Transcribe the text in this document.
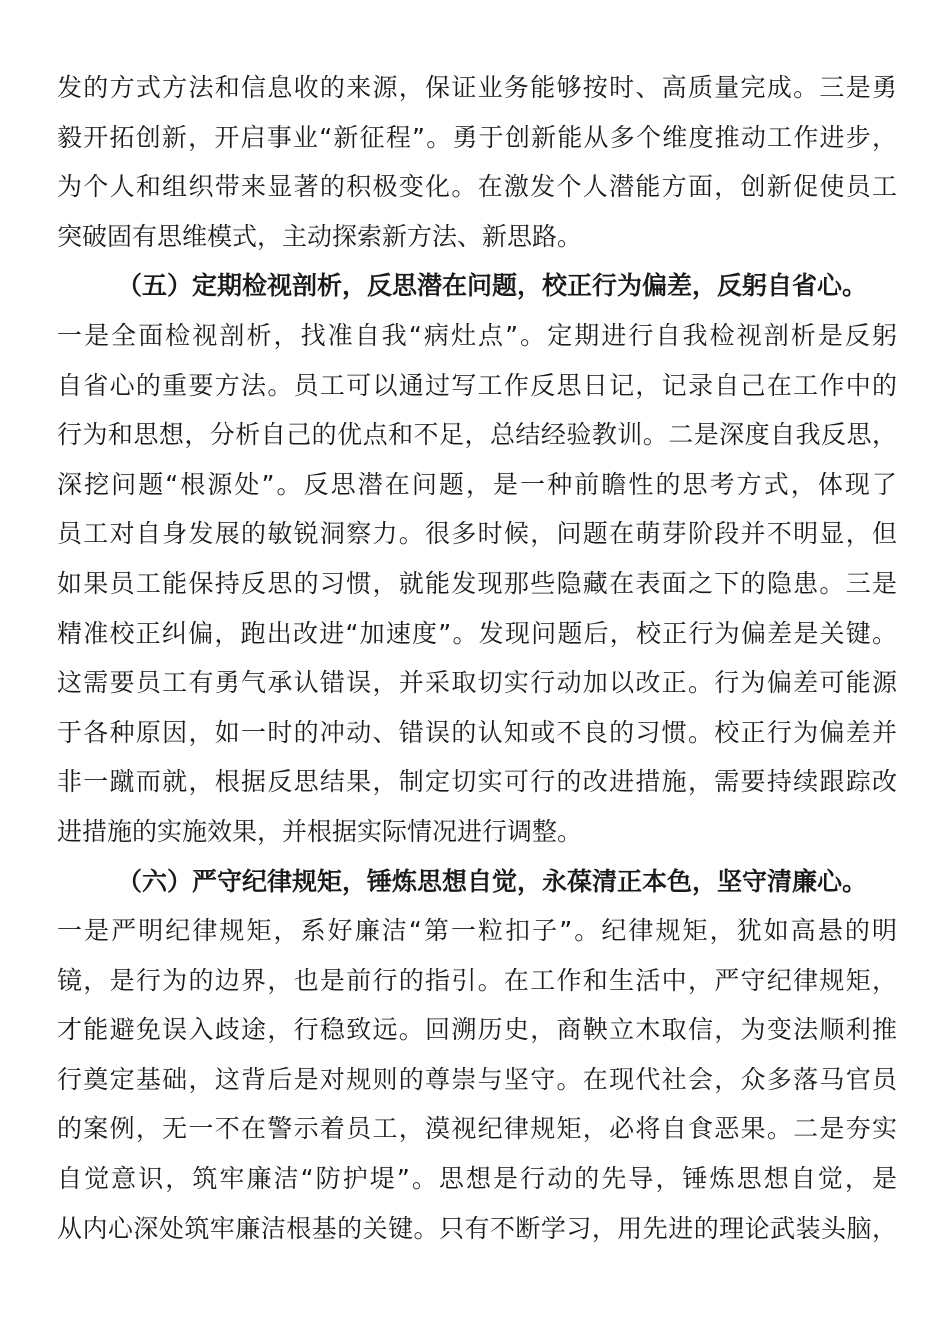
发的方式方法和信息收的来源，保证业务能够按时、高质量完成。三是勇
毅开拓创新，开启事业“新征程”。勇于创新能从多个维度推动工作进步，
为个人和组织带来显著的积极变化。在激发个人潜能方面，创新促使员工
突破固有思维模式，主动探索新方法、新思路。
（五）定期检视剖析，反思潜在问题，校正行为偏差，反躬自省心。
一是全面检视剖析，找准自我“病灶点”。定期进行自我检视剖析是反躬
自省心的重要方法。员工可以通过写工作反思日记，记录自己在工作中的
行为和思想，分析自己的优点和不足，总结经验教训。二是深度自我反思，
深挖问题“根源处”。反思潜在问题，是一种前瞻性的思考方式，体现了
员工对自身发展的敏锐洞察力。很多时候，问题在萌芽阶段并不明显，但
如果员工能保持反思的习惯，就能发现那些隐藏在表面之下的隐患。三是
精准校正纠偏，跑出改进“加速度”。发现问题后，校正行为偏差是关键。
这需要员工有勇气承认错误，并采取切实行动加以改正。行为偏差可能源
于各种原因，如一时的冲动、错误的认知或不良的习惯。校正行为偏差并
非一蹴而就，根据反思结果，制定切实可行的改进措施，需要持续跟踪改
进措施的实施效果，并根据实际情况进行调整。
（六）严守纪律规矩，锤炼思想自觉，永葆清正本色，坚守清廉心。
一是严明纪律规矩，系好廉洁“第一粒扣子”。纪律规矩，犹如高悬的明
镜，是行为的边界，也是前行的指引。在工作和生活中，严守纪律规矩，
才能避免误入歧途，行稳致远。回溯历史，商鞅立木取信，为变法顺利推
行奠定基础，这背后是对规则的尊崇与坚守。在现代社会，众多落马官员
的案例，无一不在警示着员工，漠视纪律规矩，必将自食恶果。二是夯实
自觉意识，筑牢廉洁“防护堤”。思想是行动的先导，锤炼思想自觉，是
从内心深处筑牢廉洁根基的关键。只有不断学习，用先进的理论武装头脑，
